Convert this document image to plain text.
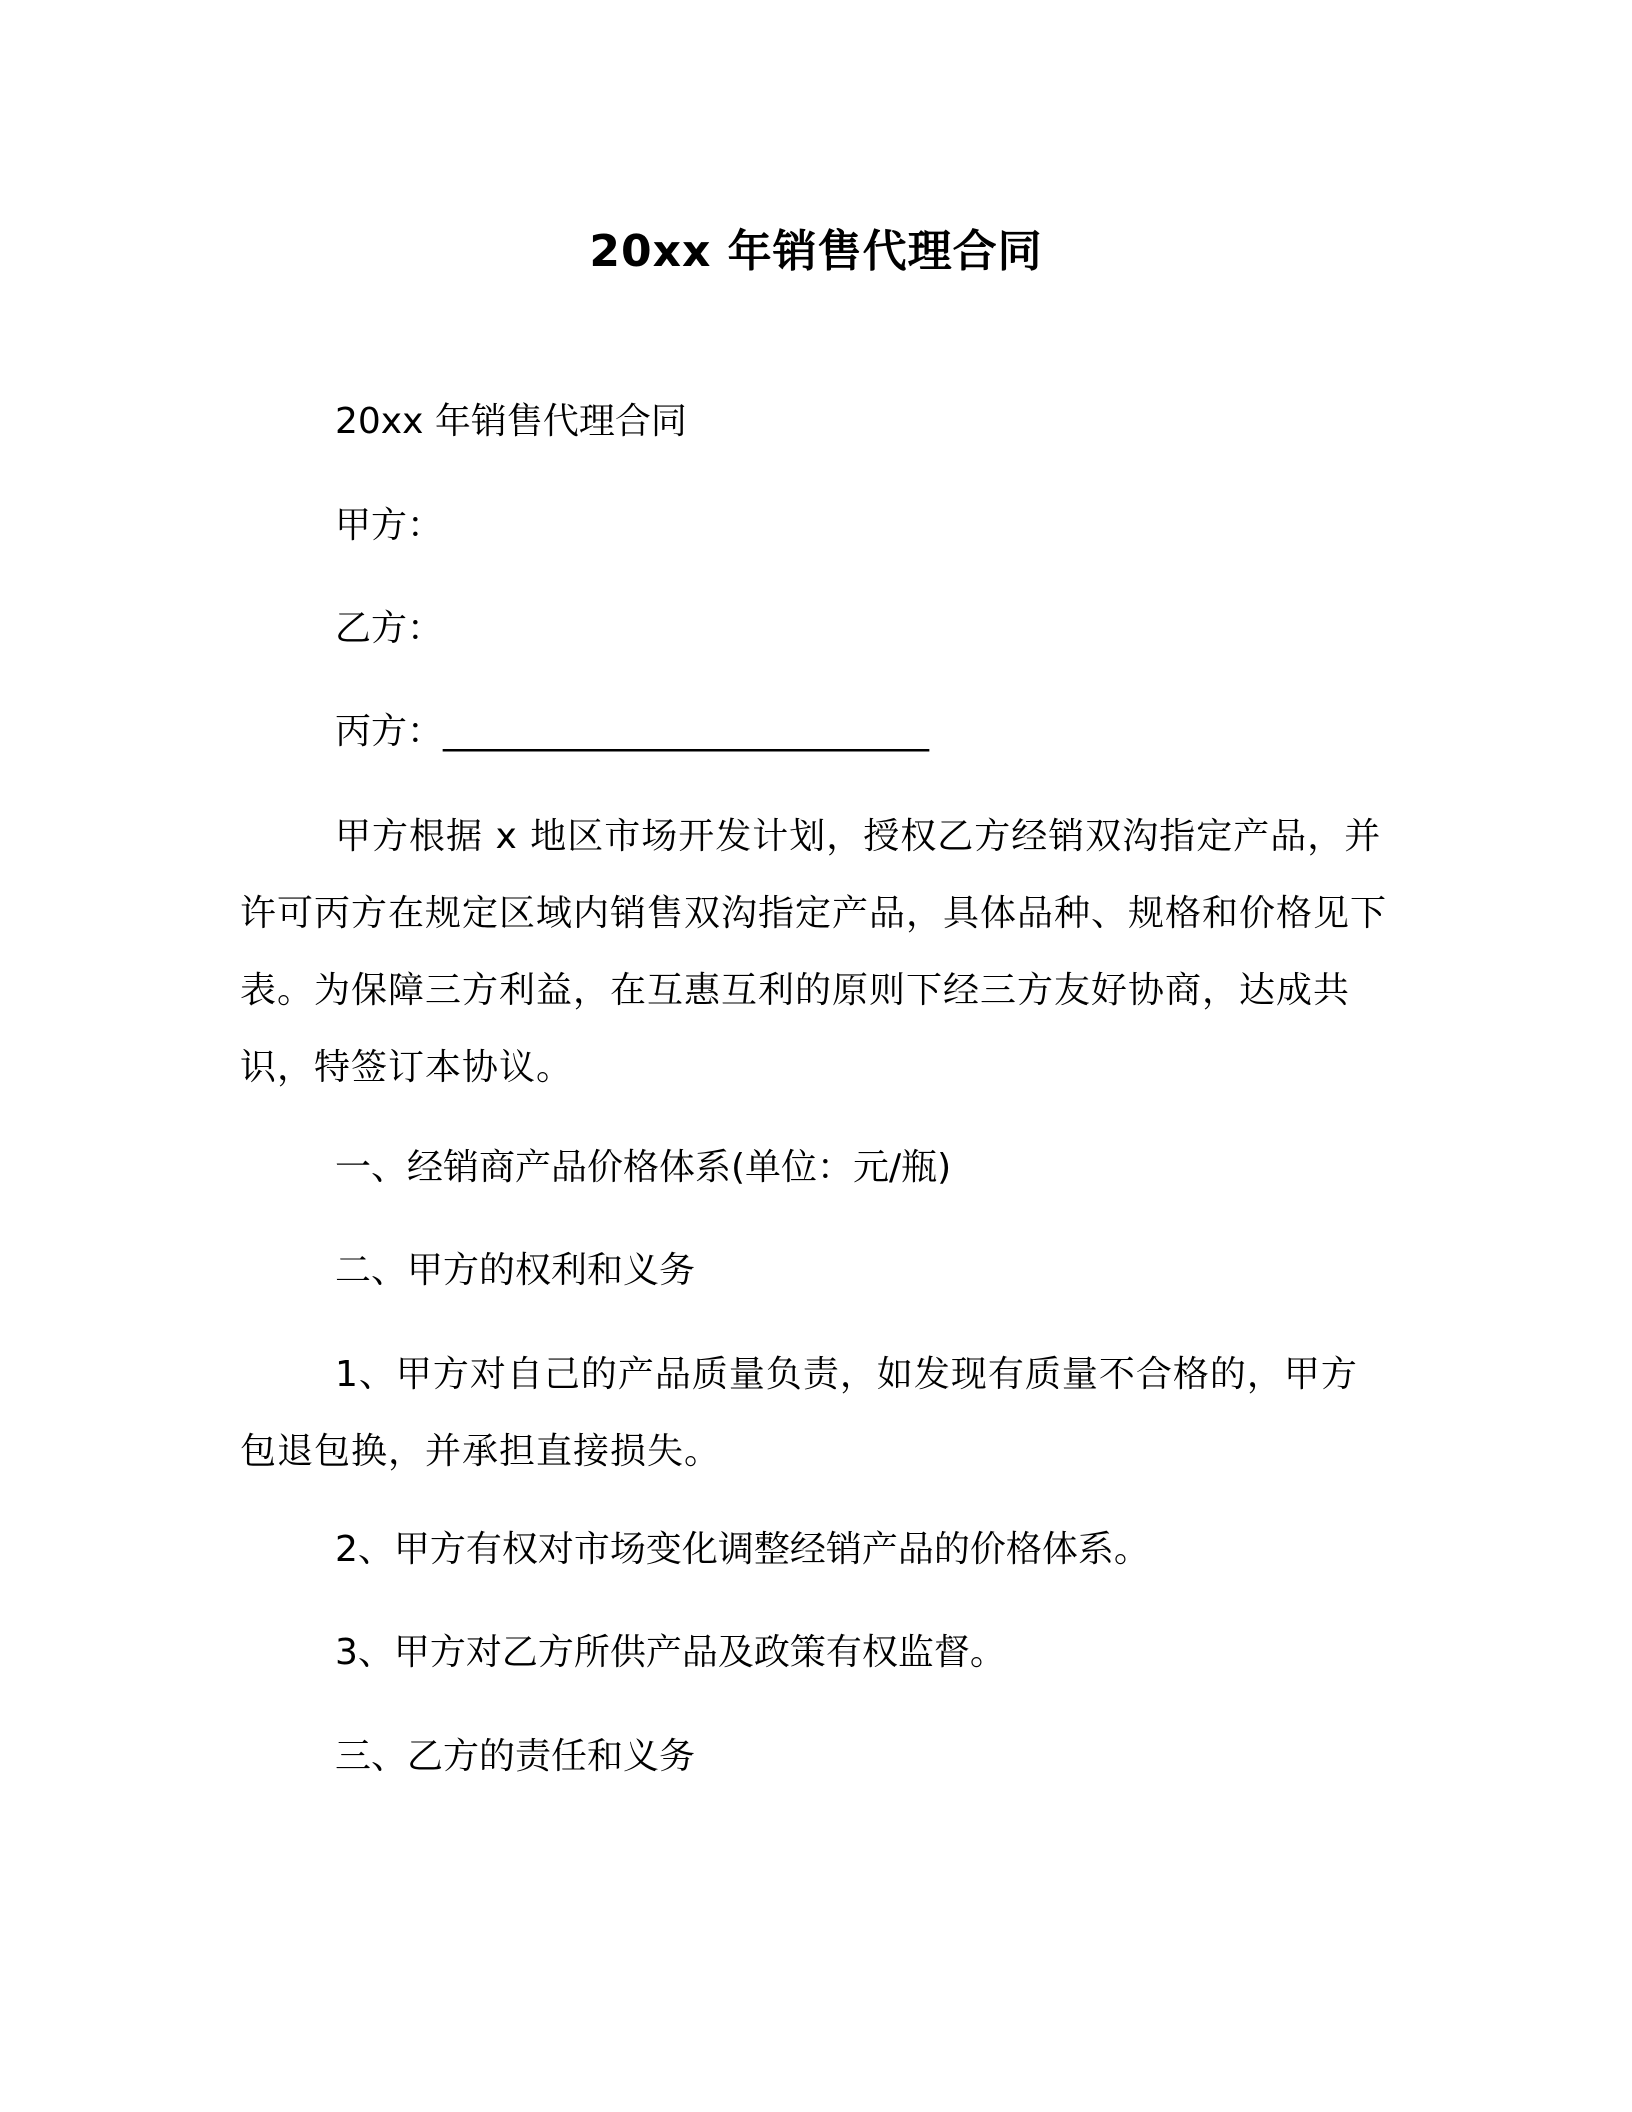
20xx 年销售代理合同
20xx 年销售代理合同
甲方：
乙方：
丙方：___________________________
甲方根据 x 地区市场开发计划，授权乙方经销双沟指定产品，并许可丙方在规定区域内销售双沟指定产品，具体品种、规格和价格见下表。为保障三方利益，在互惠互利的原则下经三方友好协商，达成共识，特签订本协议。
一、经销商产品价格体系(单位：元/瓶)
二、甲方的权利和义务
1、甲方对自己的产品质量负责，如发现有质量不合格的，甲方包退包换，并承担直接损失。
2、甲方有权对市场变化调整经销产品的价格体系。
3、甲方对乙方所供产品及政策有权监督。
三、乙方的责任和义务
